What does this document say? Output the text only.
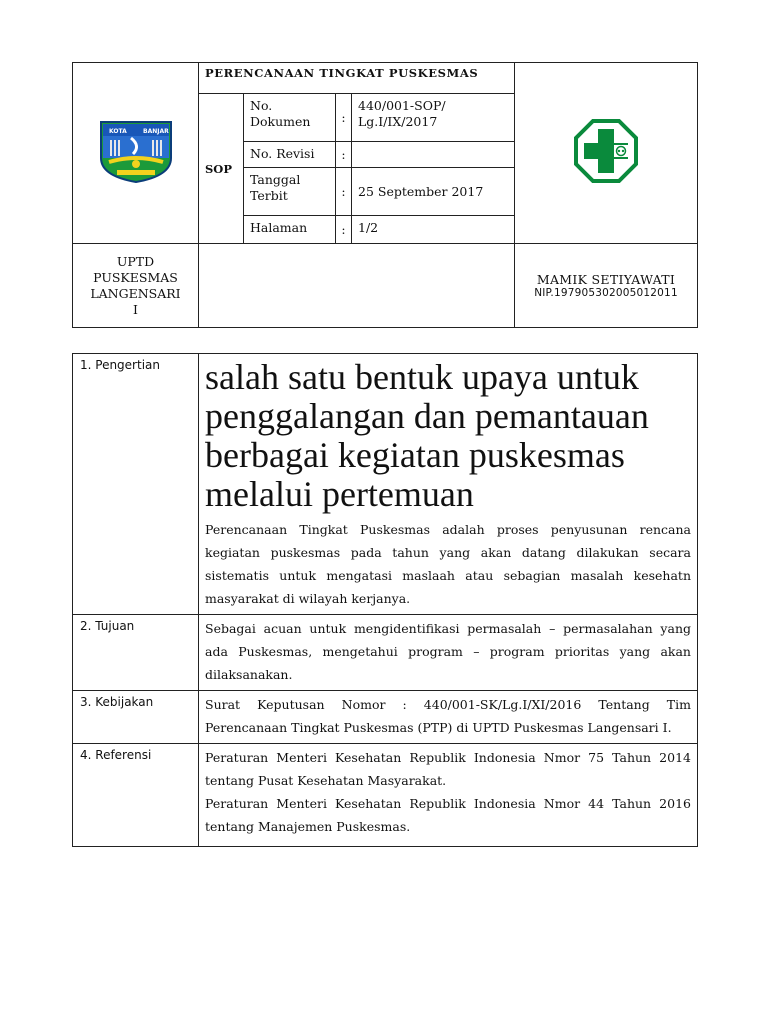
KOTA BANJAR	PERENCANAAN TINGKAT PUSKESMAS	
	SOP	No. Dokumen	:	440/001-SOP/ Lg.I/IX/2017	
		No. Revisi	:		
		Tanggal Terbit	:	25 September 2017	
		Halaman	:	1/2	
UPTD PUSKESMAS LANGENSARI I					MAMIK SETIYAWATI
NIP.197905302005012011
1. Pengertian	salah satu bentuk upaya untuk penggalangan dan pemantauan berbagai kegiatan puskesmas melalui pertemuan

Perencanaan Tingkat Puskesmas adalah proses penyusunan rencana kegiatan puskesmas pada tahun yang akan datang dilakukan secara sistematis untuk mengatasi maslaah atau sebagian masalah kesehatn masyarakat di wilayah kerjanya.

2. Tujuan	Sebagai acuan untuk mengidentifikasi permasalah – permasalahan yang ada Puskesmas, mengetahui program – program prioritas yang akan dilaksanakan.

3. Kebijakan	Surat Keputusan Nomor : 440/001-SK/Lg.I/XI/2016 Tentang Tim Perencanaan Tingkat Puskesmas (PTP) di UPTD Puskesmas Langensari I.

4. Referensi	Peraturan Menteri Kesehatan Republik Indonesia Nmor 75 Tahun 2014 tentang Pusat Kesehatan Masyarakat.

Peraturan Menteri Kesehatan Republik Indonesia Nmor 44 Tahun 2016 tentang Manajemen Puskesmas.
